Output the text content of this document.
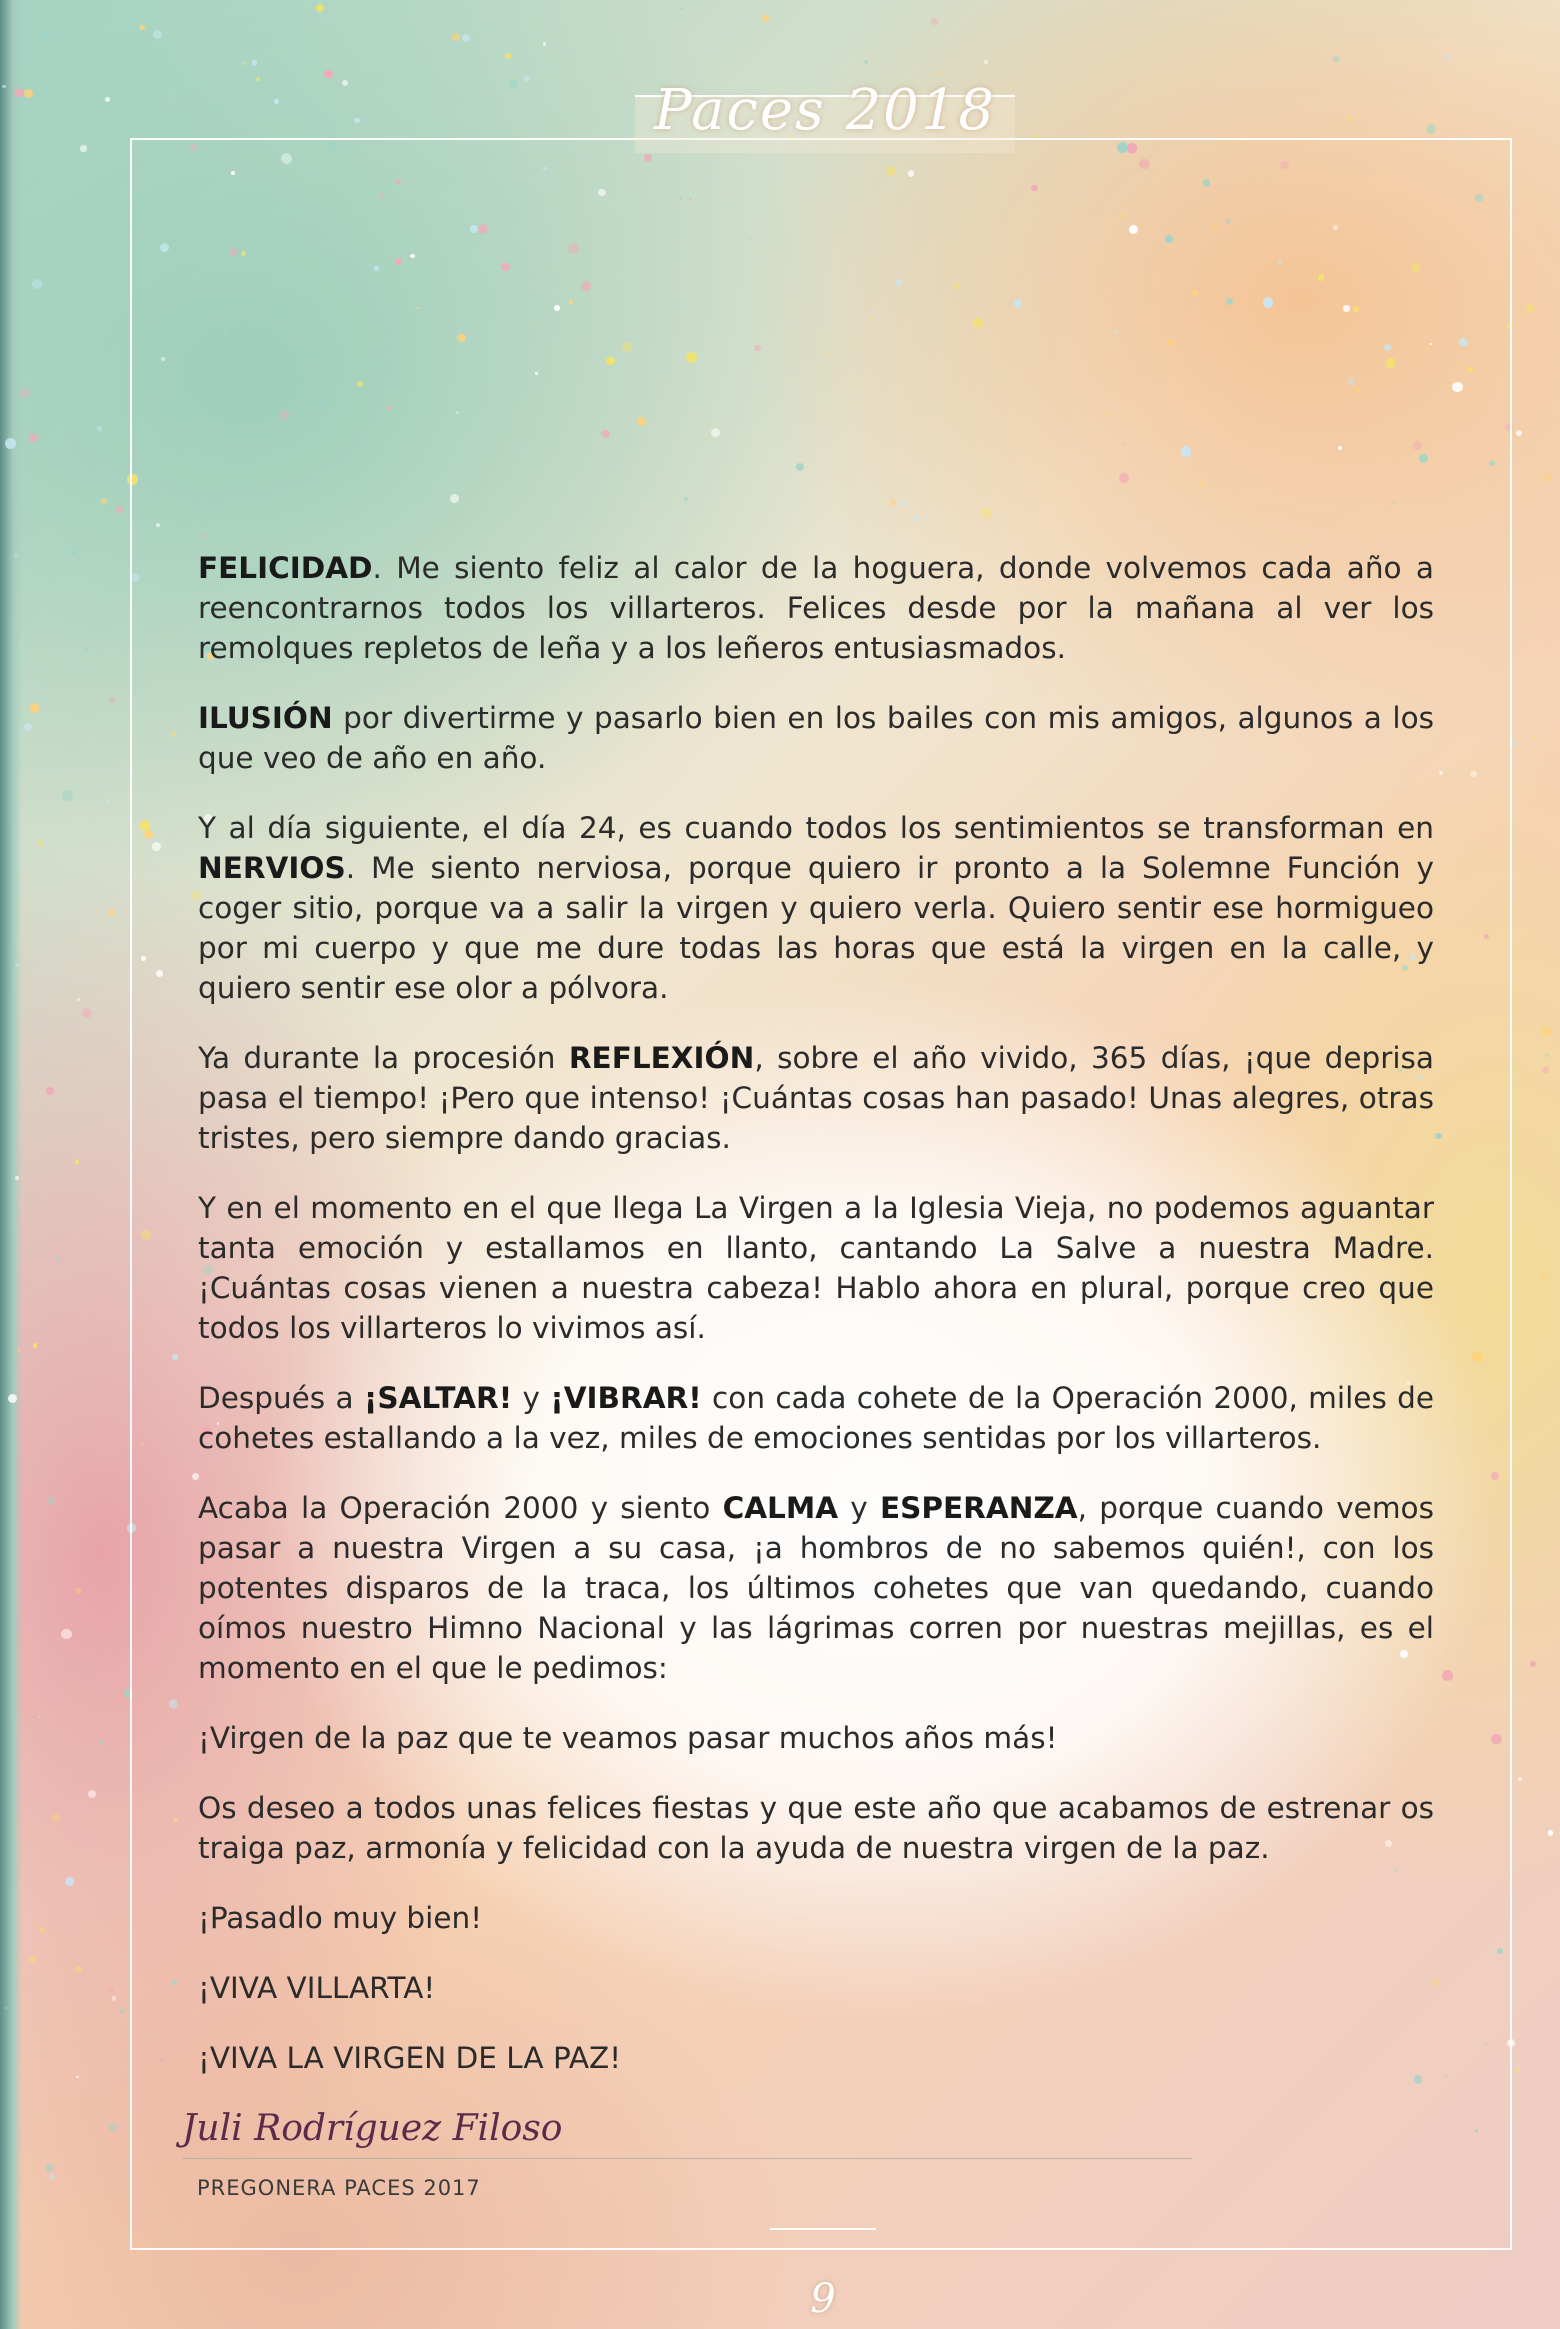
Paces 2018

FELICIDAD. Me siento feliz al calor de la hoguera, donde volvemos cada año a reencontrarnos todos los villarteros. Felices desde por la mañana al ver los remolques repletos de leña y a los leñeros entusiasmados.

ILUSIÓN por divertirme y pasarlo bien en los bailes con mis amigos, algunos a los que veo de año en año.

Y al día siguiente, el día 24, es cuando todos los sentimientos se transforman en NERVIOS. Me siento nerviosa, porque quiero ir pronto a la Solemne Función y coger sitio, porque va a salir la virgen y quiero verla. Quiero sentir ese hormigueo por mi cuerpo y que me dure todas las horas que está la virgen en la calle, y quiero sentir ese olor a pólvora.

Ya durante la procesión REFLEXIÓN, sobre el año vivido, 365 días, ¡que deprisa pasa el tiempo! ¡Pero que intenso! ¡Cuántas cosas han pasado! Unas alegres, otras tristes, pero siempre dando gracias.

Y en el momento en el que llega La Virgen a la Iglesia Vieja, no podemos aguantar tanta emoción y estallamos en llanto, cantando La Salve a nuestra Madre. ¡Cuántas cosas vienen a nuestra cabeza! Hablo ahora en plural, porque creo que todos los villarteros lo vivimos así.

Después a ¡SALTAR! y ¡VIBRAR! con cada cohete de la Operación 2000, miles de cohetes estallando a la vez, miles de emociones sentidas por los villarteros.

Acaba la Operación 2000 y siento CALMA y ESPERANZA, porque cuando vemos pasar a nuestra Virgen a su casa, ¡a hombros de no sabemos quién!, con los potentes disparos de la traca, los últimos cohetes que van quedando, cuando oímos nuestro Himno Nacional y las lágrimas corren por nuestras mejillas, es el momento en el que le pedimos:

¡Virgen de la paz que te veamos pasar muchos años más!

Os deseo a todos unas felices fiestas y que este año que acabamos de estrenar os traiga paz, armonía y felicidad con la ayuda de nuestra virgen de la paz.

¡Pasadlo muy bien!

¡VIVA VILLARTA!

¡VIVA LA VIRGEN DE LA PAZ!

Juli Rodríguez Filoso
PREGONERA PACES 2017
9
